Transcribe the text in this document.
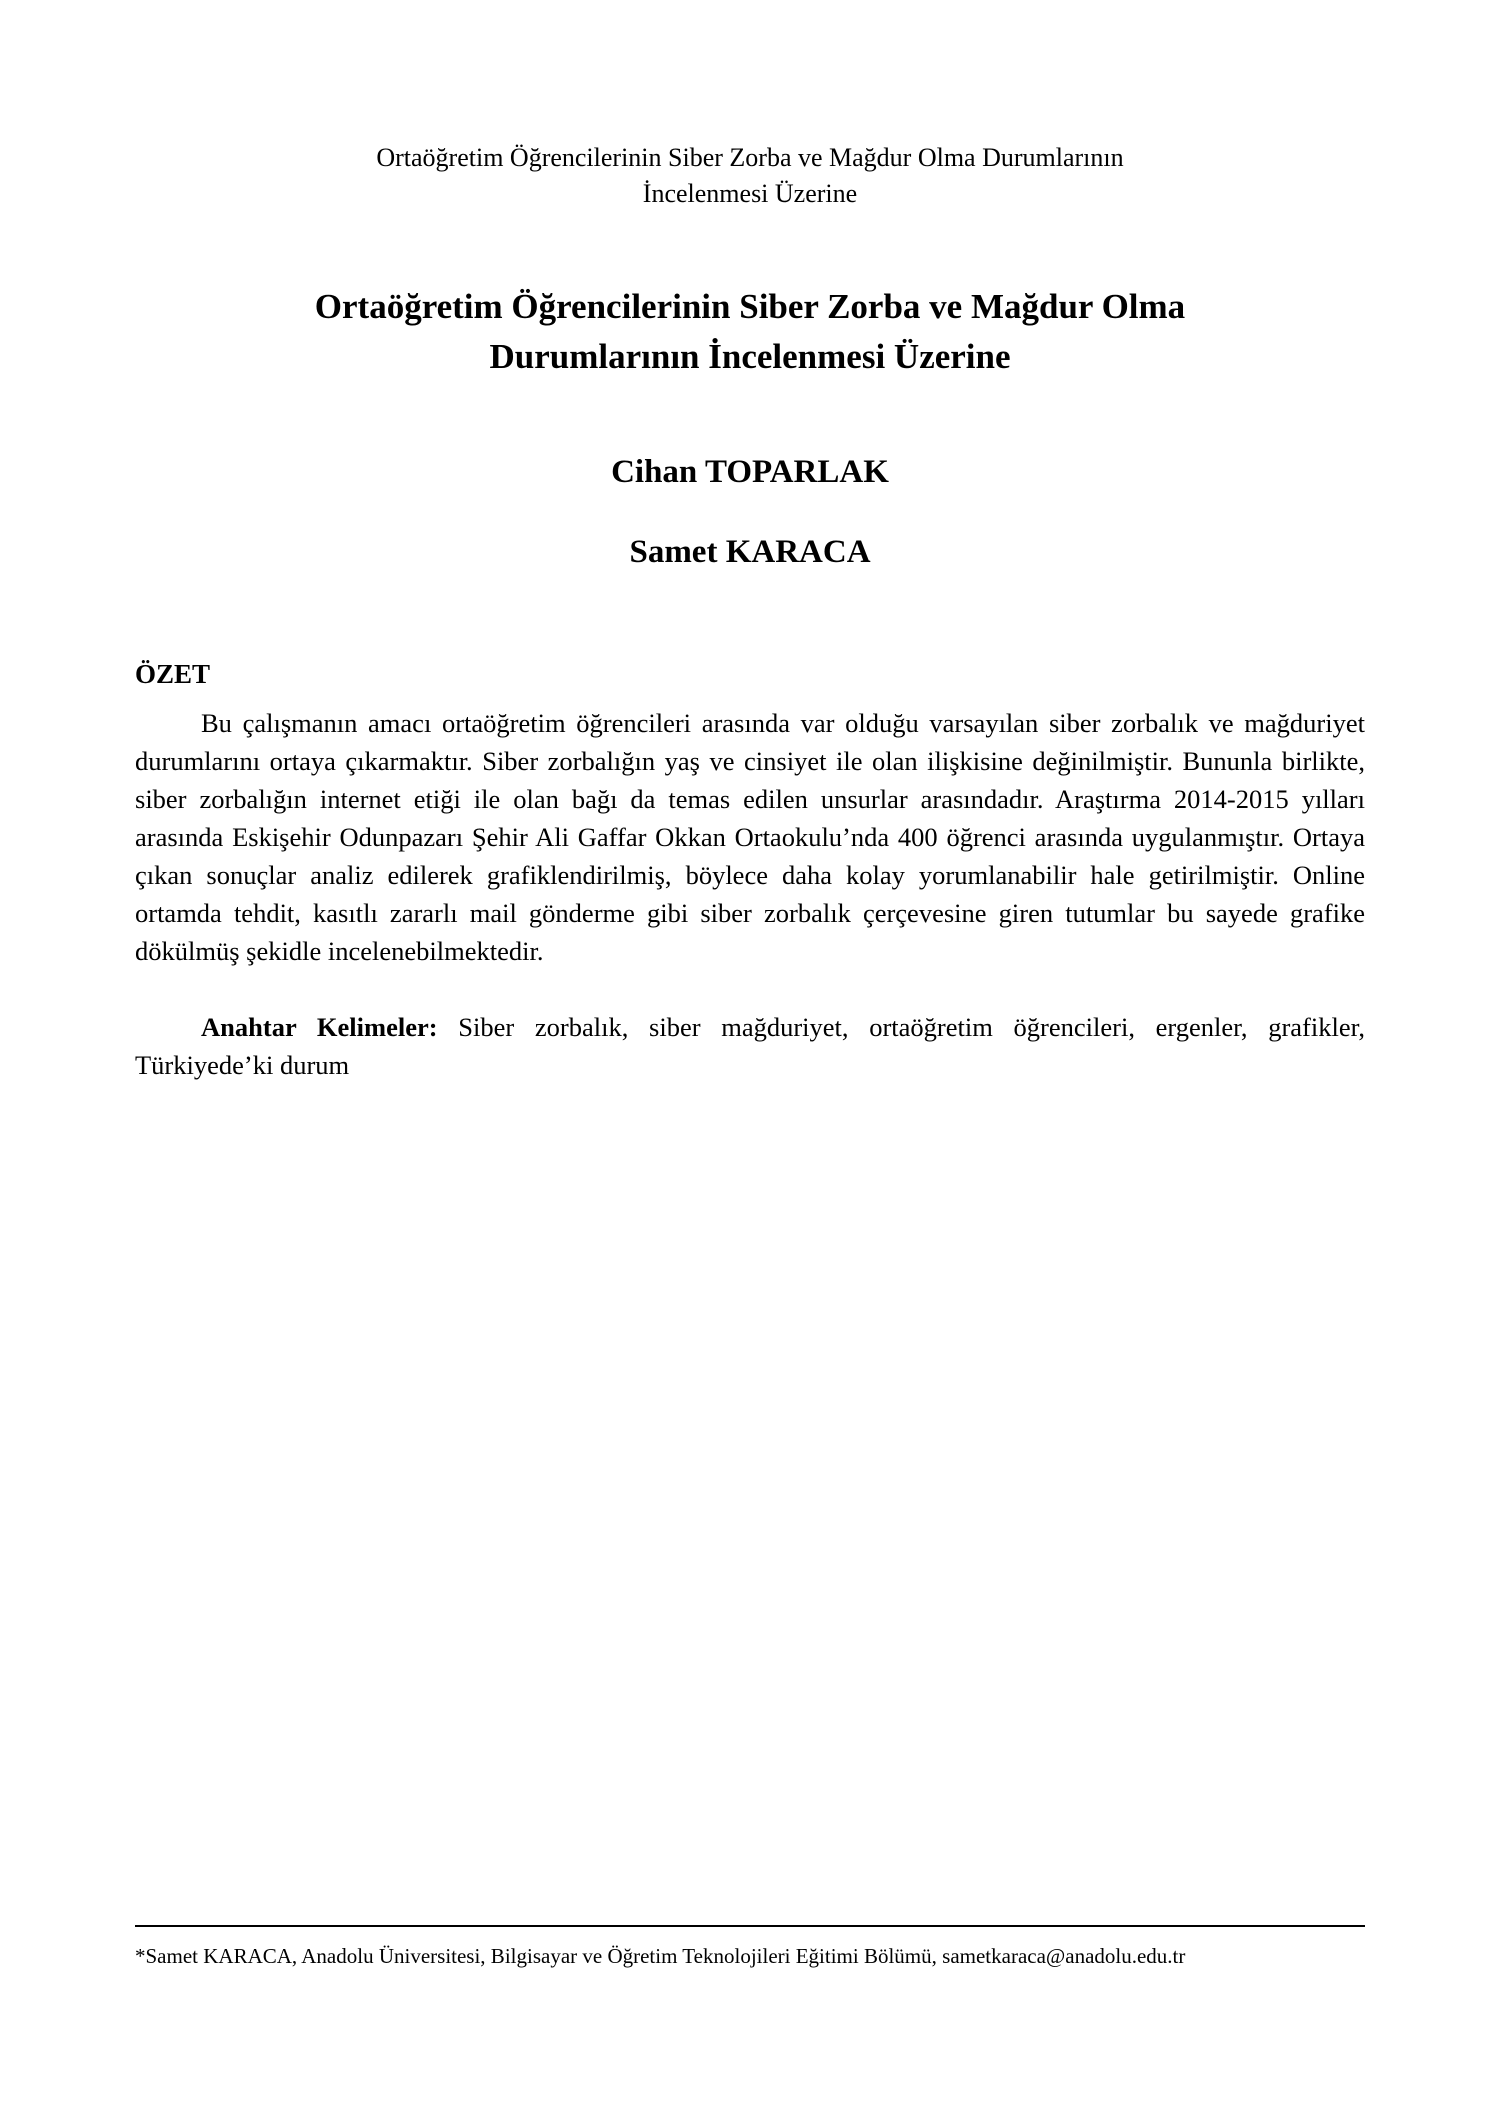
Ortaöğretim Öğrencilerinin Siber Zorba ve Mağdur Olma Durumlarının
İncelenmesi Üzerine
Ortaöğretim Öğrencilerinin Siber Zorba ve Mağdur Olma Durumlarının İncelenmesi Üzerine
Cihan TOPARLAK
Samet KARACA
ÖZET

Bu çalışmanın amacı ortaöğretim öğrencileri arasında var olduğu varsayılan siber zorbalık ve mağduriyet durumlarını ortaya çıkarmaktır. Siber zorbalığın yaş ve cinsiyet ile olan ilişkisine değinilmiştir. Bununla birlikte, siber zorbalığın internet etiği ile olan bağı da temas edilen unsurlar arasındadır. Araştırma 2014-2015 yılları arasında Eskişehir Odunpazarı Şehir Ali Gaffar Okkan Ortaokulu’nda 400 öğrenci arasında uygulanmıştır. Ortaya çıkan sonuçlar analiz edilerek grafiklendirilmiş, böylece daha kolay yorumlanabilir hale getirilmiştir. Online ortamda tehdit, kasıtlı zararlı mail gönderme gibi siber zorbalık çerçevesine giren tutumlar bu sayede grafike dökülmüş şekidle incelenebilmektedir.

Anahtar Kelimeler: Siber zorbalık, siber mağduriyet, ortaöğretim öğrencileri, ergenler, grafikler, Türkiyede’ki durum

*Samet KARACA, Anadolu Üniversitesi, Bilgisayar ve Öğretim Teknolojileri Eğitimi Bölümü, sametkaraca@anadolu.edu.tr
